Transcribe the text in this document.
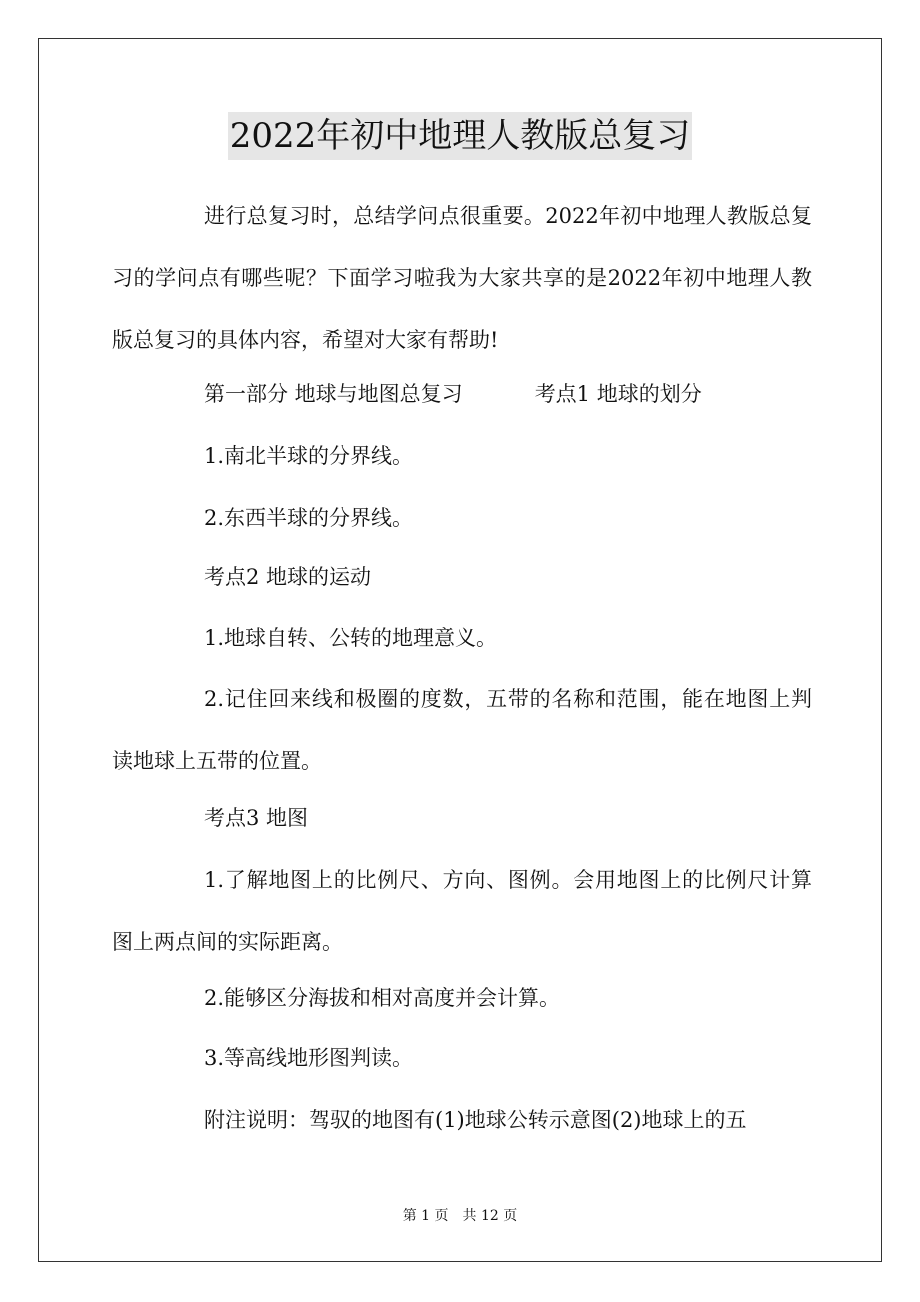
2022年初中地理人教版总复习

进行总复习时，总结学问点很重要。2022年初中地理人教版总复习的学问点有哪些呢？下面学习啦我为大家共享的是2022年初中地理人教版总复习的具体内容，希望对大家有帮助!

第一部分 地球与地图总复习	考点1 地球的划分

1.南北半球的分界线。

2.东西半球的分界线。

考点2 地球的运动

1.地球自转、公转的地理意义。

2.记住回来线和极圈的度数，五带的名称和范围，能在地图上判读地球上五带的位置。

考点3 地图

1.了解地图上的比例尺、方向、图例。会用地图上的比例尺计算图上两点间的实际距离。

2.能够区分海拔和相对高度并会计算。

3.等高线地形图判读。

附注说明：驾驭的地图有(1)地球公转示意图(2)地球上的五

第 1 页　共 12 页
